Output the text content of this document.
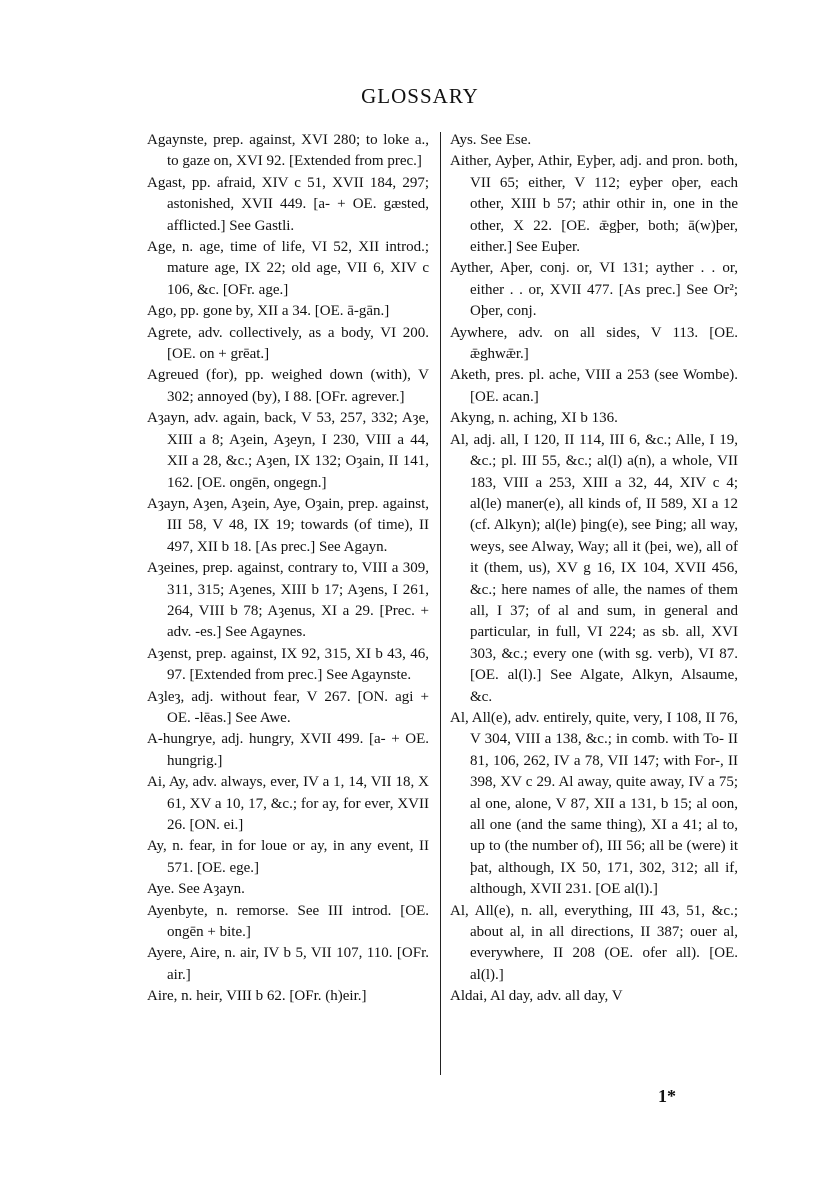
GLOSSARY

Agaynste, prep. against, XVI 280; to loke a., to gaze on, XVI 92. [Extended from prec.]

Agast, pp. afraid, XIV c 51, XVII 184, 297; astonished, XVII 449. [a- + OE. gæsted, afflicted.] See Gastli.

Age, n. age, time of life, VI 52, XII introd.; mature age, IX 22; old age, VII 6, XIV c 106, &c. [OFr. age.]

Ago, pp. gone by, XII a 34. [OE. ā-gān.]

Agrete, adv. collectively, as a body, VI 200. [OE. on + grēat.]

Agreued (for), pp. weighed down (with), V 302; annoyed (by), I 88. [OFr. agrever.]

Aȝayn, adv. again, back, V 53, 257, 332; Aȝe, XIII a 8; Aȝein, Aȝeyn, I 230, VIII a 44, XII a 28, &c.; Aȝen, IX 132; Oȝain, II 141, 162. [OE. ongēn, ongegn.]

Aȝayn, Aȝen, Aȝein, Aye, Oȝain, prep. against, III 58, V 48, IX 19; towards (of time), II 497, XII b 18. [As prec.] See Agayn.

Aȝeines, prep. against, contrary to, VIII a 309, 311, 315; Aȝenes, XIII b 17; Aȝens, I 261, 264, VIII b 78; Aȝenus, XI a 29. [Prec. + adv. -es.] See Agaynes.

Aȝenst, prep. against, IX 92, 315, XI b 43, 46, 97. [Extended from prec.] See Agaynste.

Aȝleȝ, adj. without fear, V 267. [ON. agi + OE. -lēas.] See Awe.

A-hungrye, adj. hungry, XVII 499. [a- + OE. hungrig.]

Ai, Ay, adv. always, ever, IV a 1, 14, VII 18, X 61, XV a 10, 17, &c.; for ay, for ever, XVII 26. [ON. ei.]

Ay, n. fear, in for loue or ay, in any event, II 571. [OE. ege.]

Aye. See Aȝayn.

Ayenbyte, n. remorse. See III introd. [OE. ongēn + bite.]

Ayere, Aire, n. air, IV b 5, VII 107, 110. [OFr. air.]

Aire, n. heir, VIII b 62. [OFr. (h)eir.]

Ays. See Ese.

Aither, Ayþer, Athir, Eyþer, adj. and pron. both, VII 65; either, V 112; eyþer oþer, each other, XIII b 57; athir othir in, one in the other, X 22. [OE. ǣgþer, both; ā(w)þer, either.] See Euþer.

Ayther, Aþer, conj. or, VI 131; ayther . . or, either . . or, XVII 477. [As prec.] See Or²; Oþer, conj.

Aywhere, adv. on all sides, V 113. [OE. ǣghwǣr.]

Aketh, pres. pl. ache, VIII a 253 (see Wombe). [OE. acan.]

Akyng, n. aching, XI b 136.

Al, adj. all, I 120, II 114, III 6, &c.; Alle, I 19, &c.; pl. III 55, &c.; al(l) a(n), a whole, VII 183, VIII a 253, XIII a 32, 44, XIV c 4; al(le) maner(e), all kinds of, II 589, XI a 12 (cf. Alkyn); al(le) þing(e), see Þing; all way, weys, see Alway, Way; all it (þei, we), all of it (them, us), XV g 16, IX 104, XVII 456, &c.; here names of alle, the names of them all, I 37; of al and sum, in general and particular, in full, VI 224; as sb. all, XVI 303, &c.; every one (with sg. verb), VI 87. [OE. al(l).] See Algate, Alkyn, Alsaume, &c.

Al, All(e), adv. entirely, quite, very, I 108, II 76, V 304, VIII a 138, &c.; in comb. with To- II 81, 106, 262, IV a 78, VII 147; with For-, II 398, XV c 29. Al away, quite away, IV a 75; al one, alone, V 87, XII a 131, b 15; al oon, all one (and the same thing), XI a 41; al to, up to (the number of), III 56; all be (were) it þat, although, IX 50, 171, 302, 312; all if, although, XVII 231. [OE al(l).]

Al, All(e), n. all, everything, III 43, 51, &c.; about al, in all directions, II 387; ouer al, everywhere, II 208 (OE. ofer all). [OE. al(l).]

Aldai, Al day, adv. all day, V

1*
